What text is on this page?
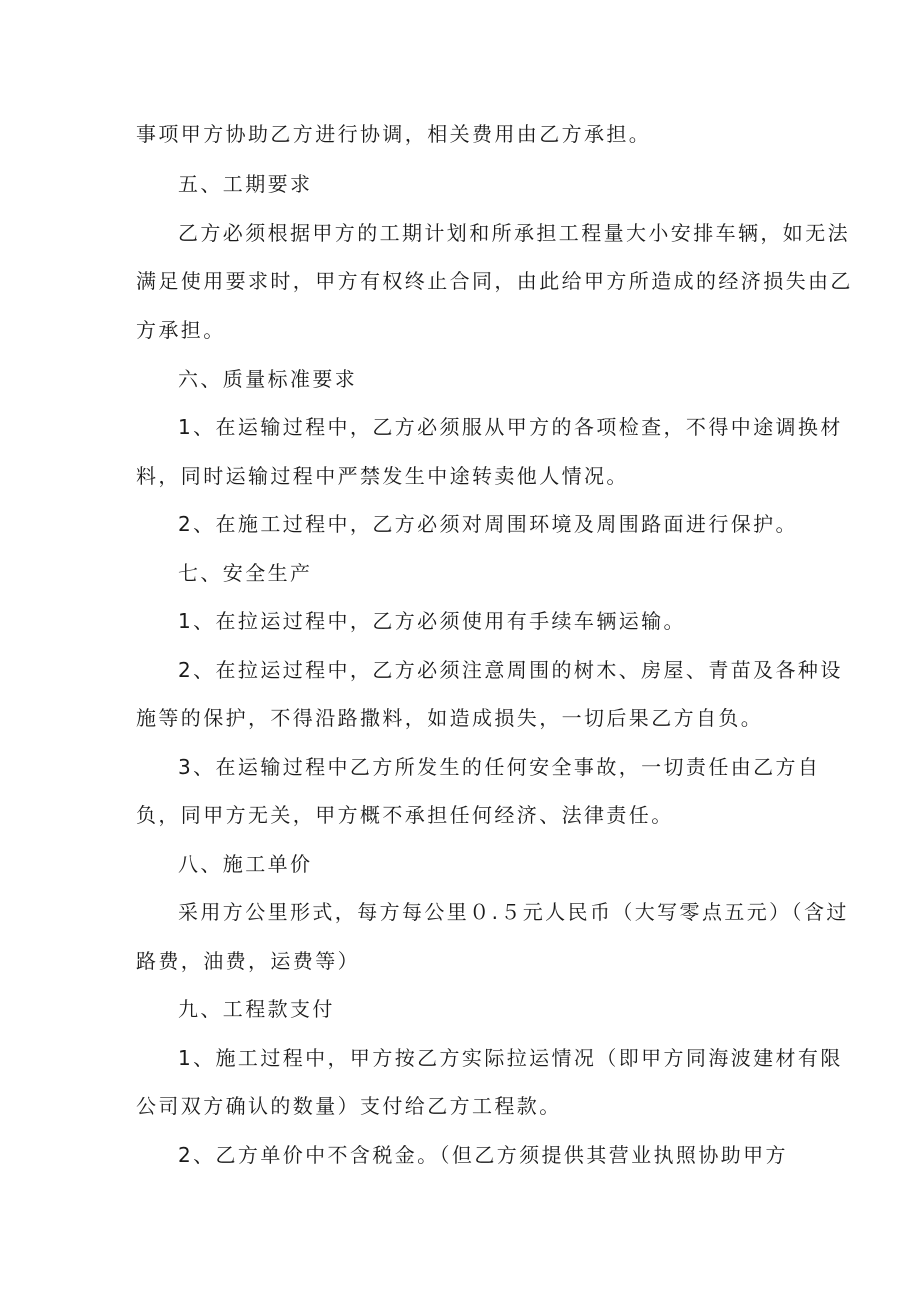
事项甲方协助乙方进行协调，相关费用由乙方承担。
五、工期要求
乙方必须根据甲方的工期计划和所承担工程量大小安排车辆，如无法
满足使用要求时，甲方有权终止合同，由此给甲方所造成的经济损失由乙
方承担。
六、质量标准要求
1、在运输过程中，乙方必须服从甲方的各项检查，不得中途调换材
料，同时运输过程中严禁发生中途转卖他人情况。
2、在施工过程中，乙方必须对周围环境及周围路面进行保护。
七、安全生产
1、在拉运过程中，乙方必须使用有手续车辆运输。
2、在拉运过程中，乙方必须注意周围的树木、房屋、青苗及各种设
施等的保护，不得沿路撒料，如造成损失，一切后果乙方自负。
3、在运输过程中乙方所发生的任何安全事故，一切责任由乙方自
负，同甲方无关，甲方概不承担任何经济、法律责任。
八、施工单价
采用方公里形式，每方每公里０.５元人民币（大写零点五元）（含过
路费，油费，运费等）
九、工程款支付
1、施工过程中，甲方按乙方实际拉运情况（即甲方同海波建材有限
公司双方确认的数量）支付给乙方工程款。
2、乙方单价中不含税金。（但乙方须提供其营业执照协助甲方
